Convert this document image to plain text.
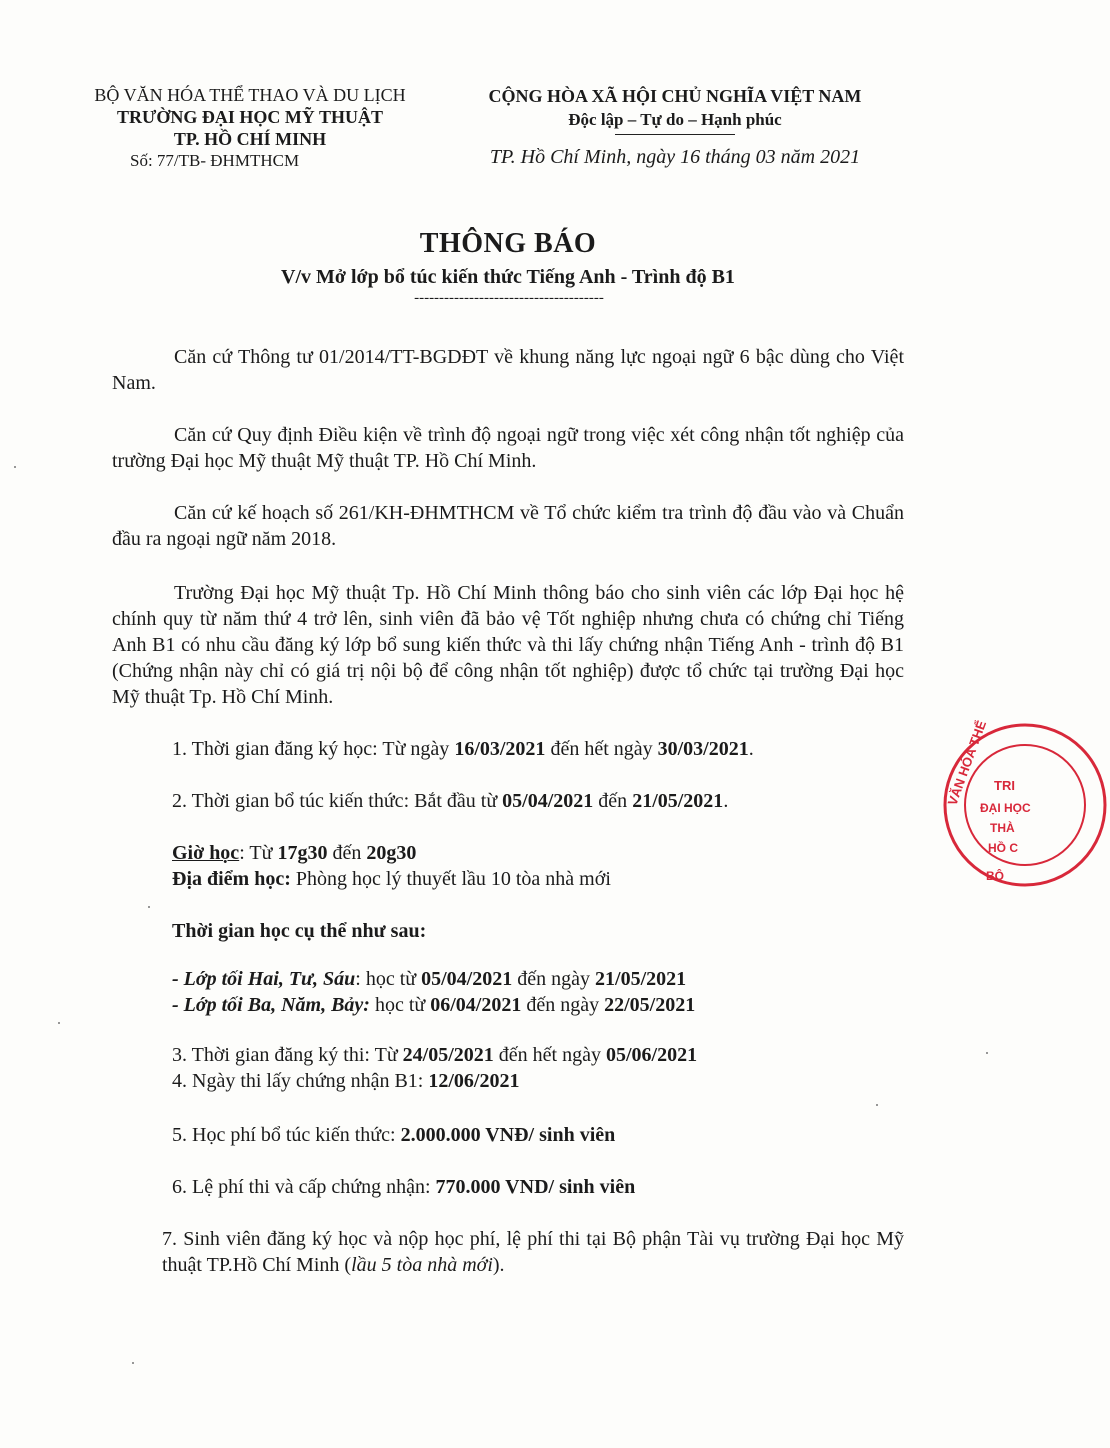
BỘ VĂN HÓA THỂ THAO VÀ DU LỊCH
TRƯỜNG ĐẠI HỌC MỸ THUẬT
TP. HỒ CHÍ MINH
Số: 77/TB- ĐHMTHCM
CỘNG HÒA XÃ HỘI CHỦ NGHĨA VIỆT NAM
Độc lập – Tự do – Hạnh phúc
TP. Hồ Chí Minh, ngày 16 tháng 03 năm 2021
THÔNG BÁO
V/v Mở lớp bổ túc kiến thức Tiếng Anh - Trình độ B1
--------------------------------------
Căn cứ Thông tư 01/2014/TT-BGDĐT về khung năng lực ngoại ngữ 6 bậc dùng cho Việt Nam.
Căn cứ Quy định Điều kiện về trình độ ngoại ngữ trong việc xét công nhận tốt nghiệp của trường Đại học Mỹ thuật Mỹ thuật TP. Hồ Chí Minh.
Căn cứ kế hoạch số 261/KH-ĐHMTHCM về Tổ chức kiểm tra trình độ đầu vào và Chuẩn đầu ra ngoại ngữ năm 2018.
Trường Đại học Mỹ thuật Tp. Hồ Chí Minh thông báo cho sinh viên các lớp Đại học hệ chính quy từ năm thứ 4 trở lên, sinh viên đã bảo vệ Tốt nghiệp nhưng chưa có chứng chỉ Tiếng Anh B1 có nhu cầu đăng ký lớp bổ sung kiến thức và thi lấy chứng nhận Tiếng Anh - trình độ B1 (Chứng nhận này chỉ có giá trị nội bộ để công nhận tốt nghiệp) được tổ chức tại trường Đại học Mỹ thuật Tp. Hồ Chí Minh.
1. Thời gian đăng ký học: Từ ngày 16/03/2021 đến hết ngày 30/03/2021.
2. Thời gian bổ túc kiến thức: Bắt đầu từ 05/04/2021 đến 21/05/2021.
Giờ học: Từ 17g30 đến 20g30
Địa điểm học: Phòng học lý thuyết lầu 10 tòa nhà mới
Thời gian học cụ thể như sau:
- Lớp tối Hai, Tư, Sáu: học từ 05/04/2021 đến ngày 21/05/2021
- Lớp tối Ba, Năm, Bảy: học từ 06/04/2021 đến ngày 22/05/2021
3. Thời gian đăng ký thi: Từ 24/05/2021 đến hết ngày 05/06/2021
4. Ngày thi lấy chứng nhận B1: 12/06/2021
5. Học phí bổ túc kiến thức: 2.000.000 VNĐ/ sinh viên
6. Lệ phí thi và cấp chứng nhận: 770.000 VND/ sinh viên
7. Sinh viên đăng ký học và nộp học phí, lệ phí thi tại Bộ phận Tài vụ trường Đại học Mỹ thuật TP.Hồ Chí Minh (lầu 5 tòa nhà mới).
VĂN HÓA THỂ TRI
ĐẠI HỌC
THÀ
HỒ C
BỘ
